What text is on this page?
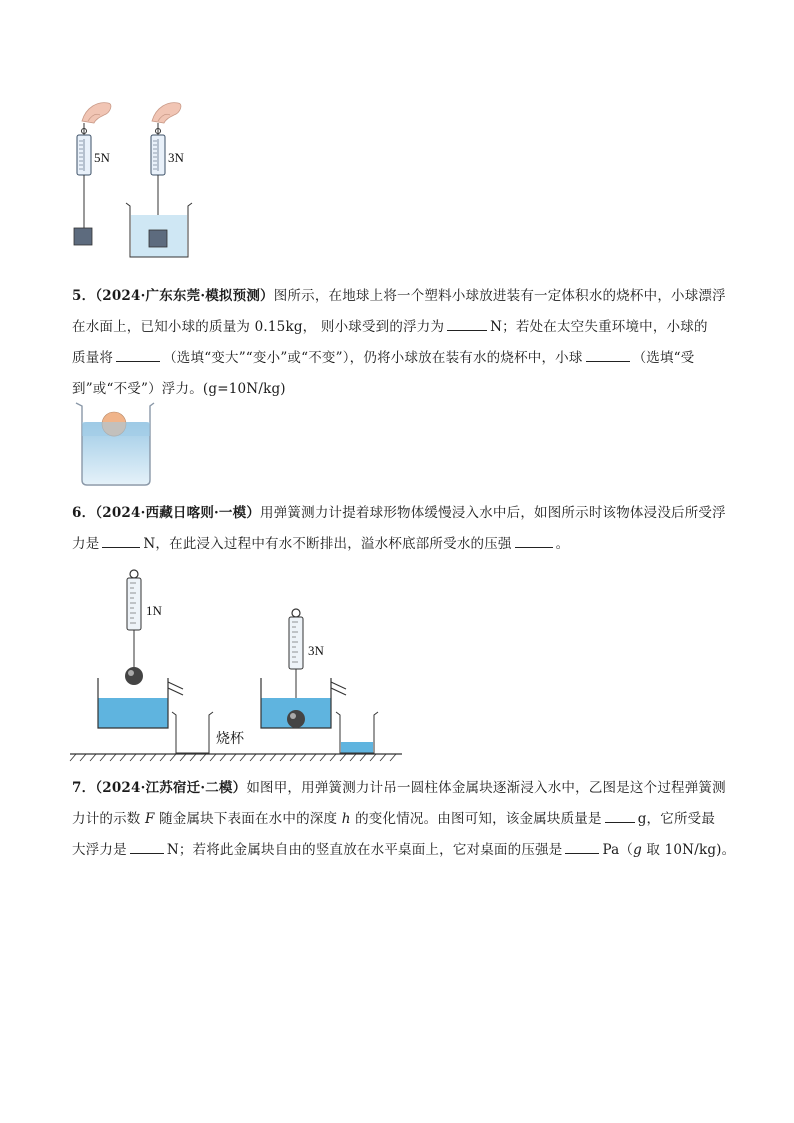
5N	3N
5．（2024·广东东莞·模拟预测）图所示，在地球上将一个塑料小球放进装有一定体积水的烧杯中，小球漂浮
在水面上，已知小球的质量为 0.15kg， 则小球受到的浮力为	N；若处在太空失重环境中，小球的
质量将	（选填“变大”“变小”或“不变”），仍将小球放在装有水的烧杯中，小球	（选填“受
到”或“不受”）浮力。(g=10N/kg)
6．（2024·西藏日喀则·一模）用弹簧测力计提着球形物体缓慢浸入水中后，如图所示时该物体浸没后所受浮
力是	N，在此浸入过程中有水不断排出，溢水杯底部所受水的压强	。
1N
烧杯
3N
7．（2024·江苏宿迁·二模）如图甲，用弹簧测力计吊一圆柱体金属块逐渐浸入水中，乙图是这个过程弹簧测
力计的示数 F 随金属块下表面在水中的深度 h 的变化情况。由图可知，该金属块质量是	g，它所受最
大浮力是	N；若将此金属块自由的竖直放在水平桌面上，它对桌面的压强是	Pa（g 取 10N/kg)。
